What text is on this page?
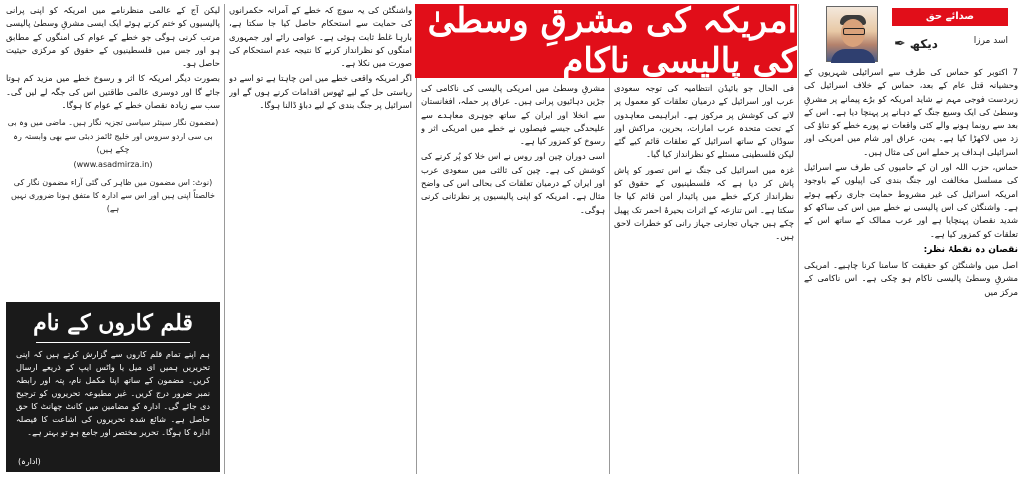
صدائے حق
اسد مرزا
✒ دیکھ
امریکہ کی مشرقِ وسطیٰ کی پالیسی ناکام 7 اکتوبر کو حماس کی طرف سے اسرائیلی شہریوں کے وحشیانہ قتل عام کے بعد، حماس کے خلاف اسرائیل کی زبردست فوجی مہم نے شاید امریکہ کو بڑے پیمانے پر مشرقِ وسطیٰ کی ایک وسیع جنگ کے دہانے پر پہنچا دیا ہے۔ اس کے بعد سے رونما ہونے والے کئی واقعات نے پورے خطے کو تناؤ کی زد میں لاکھڑا کیا ہے۔ یمن، عراق اور شام میں امریکی اور اسرائیلی اہداف پر حملے اس کی مثال ہیں۔

حماس، حزب اللہ اور ان کے حامیوں کی طرف سے اسرائیل کی مسلسل مخالفت اور جنگ بندی کی اپیلوں کے باوجود امریکہ اسرائیل کی غیر مشروط حمایت جاری رکھے ہوئے ہے۔ واشنگٹن کی اس پالیسی نے خطے میں اس کی ساکھ کو شدید نقصان پہنچایا ہے اور عرب ممالک کے ساتھ اس کے تعلقات کو کمزور کیا ہے۔

نقصان دہ نقطۂ نظر:

اصل میں واشنگٹن کو حقیقت کا سامنا کرنا چاہیے۔ امریکی مشرقِ وسطیٰ پالیسی ناکام ہو چکی ہے۔ اس ناکامی کے مرکز میں

فی الحال جو بائیڈن انتظامیہ کی توجہ سعودی عرب اور اسرائیل کے درمیان تعلقات کو معمول پر لانے کی کوشش پر مرکوز ہے۔ ابراہیمی معاہدوں کے تحت متحدہ عرب امارات، بحرین، مراکش اور سوڈان کے ساتھ اسرائیل کے تعلقات قائم کیے گئے لیکن فلسطینی مسئلے کو نظرانداز کیا گیا۔

غزہ میں اسرائیل کی جنگ نے اس تصور کو پاش پاش کر دیا ہے کہ فلسطینیوں کے حقوق کو نظرانداز کرکے خطے میں پائیدار امن قائم کیا جا سکتا ہے۔ اس تنازعہ کے اثرات بحیرۂ احمر تک پھیل چکے ہیں جہاں تجارتی جہاز رانی کو خطرات لاحق ہیں۔

مشرقِ وسطیٰ میں امریکی پالیسی کی ناکامی کی جڑیں دہائیوں پرانی ہیں۔ عراق پر حملہ، افغانستان سے انخلا اور ایران کے ساتھ جوہری معاہدے سے علیحدگی جیسے فیصلوں نے خطے میں امریکی اثر و رسوخ کو کمزور کیا ہے۔

اسی دوران چین اور روس نے اس خلا کو پُر کرنے کی کوشش کی ہے۔ چین کی ثالثی میں سعودی عرب اور ایران کے درمیان تعلقات کی بحالی اس کی واضح مثال ہے۔ امریکہ کو اپنی پالیسیوں پر نظرثانی کرنی ہوگی۔

واشنگٹن کی یہ سوچ کہ خطے کے آمرانہ حکمرانوں کی حمایت سے استحکام حاصل کیا جا سکتا ہے، بارہا غلط ثابت ہوئی ہے۔ عوامی رائے اور جمہوری امنگوں کو نظرانداز کرنے کا نتیجہ عدم استحکام کی صورت میں نکلا ہے۔

اگر امریکہ واقعی خطے میں امن چاہتا ہے تو اسے دو ریاستی حل کے لیے ٹھوس اقدامات کرنے ہوں گے اور اسرائیل پر جنگ بندی کے لیے دباؤ ڈالنا ہوگا۔

لیکن آج کے عالمی منظرنامے میں امریکہ کو اپنی پرانی پالیسیوں کو ختم کرتے ہوئے ایک ایسی مشرقِ وسطیٰ پالیسی مرتب کرنی ہوگی جو خطے کے عوام کی امنگوں کے مطابق ہو اور جس میں فلسطینیوں کے حقوق کو مرکزی حیثیت حاصل ہو۔

بصورت دیگر امریکہ کا اثر و رسوخ خطے میں مزید کم ہوتا جائے گا اور دوسری عالمی طاقتیں اس کی جگہ لے لیں گی۔ سب سے زیادہ نقصان خطے کے عوام کا ہوگا۔

(مضمون نگار سینئر سیاسی تجزیہ نگار ہیں۔ ماضی میں وہ بی بی سی اردو سروس اور خلیج ٹائمز دبئی سے بھی وابستہ رہ چکے ہیں)
(www.asadmirza.in)
(نوٹ: اس مضمون میں ظاہر کی گئی آراء مضمون نگار کی خالصتاً اپنی ہیں اور اس سے ادارہ کا متفق ہونا ضروری نہیں ہے)
قلم کاروں کے نام
ہم اپنے تمام قلم کاروں سے گزارش کرتے ہیں کہ اپنی تحریریں ہمیں ای میل یا واٹس ایپ کے ذریعے ارسال کریں۔ مضمون کے ساتھ اپنا مکمل نام، پتہ اور رابطہ نمبر ضرور درج کریں۔ غیر مطبوعہ تحریروں کو ترجیح دی جائے گی۔ ادارہ کو مضامین میں کانٹ چھانٹ کا حق حاصل ہے۔ شائع شدہ تحریروں کی اشاعت کا فیصلہ ادارہ کا ہوگا۔ تحریر مختصر اور جامع ہو تو بہتر ہے۔
(ادارہ)
